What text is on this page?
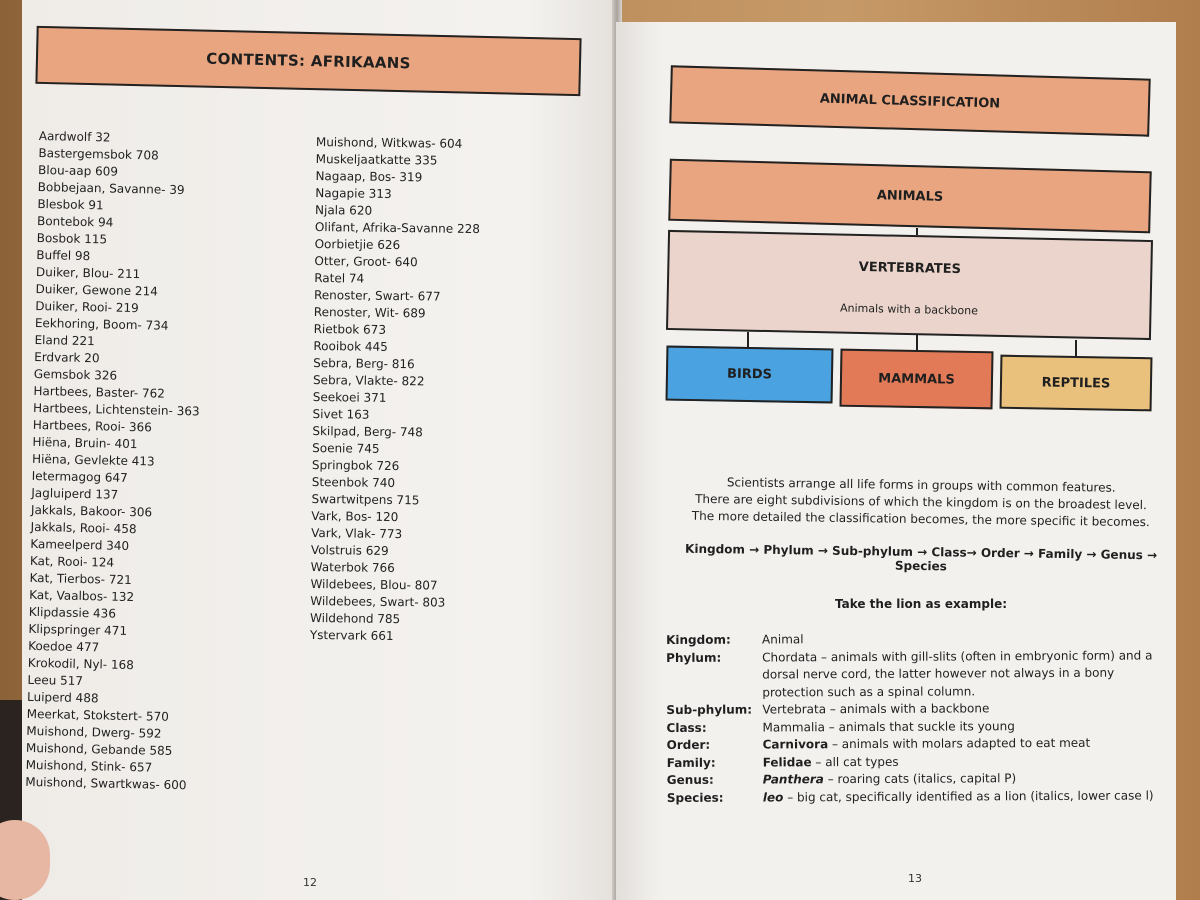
CONTENTS: AFRIKAANS
Aardwolf 32
Bastergemsbok 708
Blou-aap 609
Bobbejaan, Savanne- 39
Blesbok 91
Bontebok 94
Bosbok 115
Buffel 98
Duiker, Blou- 211
Duiker, Gewone 214
Duiker, Rooi- 219
Eekhoring, Boom- 734
Eland 221
Erdvark 20
Gemsbok 326
Hartbees, Baster- 762
Hartbees, Lichtenstein- 363
Hartbees, Rooi- 366
Hiëna, Bruin- 401
Hiëna, Gevlekte 413
Ietermagog 647
Jagluiperd 137
Jakkals, Bakoor- 306
Jakkals, Rooi- 458
Kameelperd 340
Kat, Rooi- 124
Kat, Tierbos- 721
Kat, Vaalbos- 132
Klipdassie 436
Klipspringer 471
Koedoe 477
Krokodil, Nyl- 168
Leeu 517
Luiperd 488
Meerkat, Stokstert- 570
Muishond, Dwerg- 592
Muishond, Gebande 585
Muishond, Stink- 657
Muishond, Swartkwas- 600
Muishond, Witkwas- 604
Muskeljaatkatte 335
Nagaap, Bos- 319
Nagapie 313
Njala 620
Olifant, Afrika-Savanne 228
Oorbietjie 626
Otter, Groot- 640
Ratel 74
Renoster, Swart- 677
Renoster, Wit- 689
Rietbok 673
Rooibok 445
Sebra, Berg- 816
Sebra, Vlakte- 822
Seekoei 371
Sivet 163
Skilpad, Berg- 748
Soenie 745
Springbok 726
Steenbok 740
Swartwitpens 715
Vark, Bos- 120
Vark, Vlak- 773
Volstruis 629
Waterbok 766
Wildebees, Blou- 807
Wildebees, Swart- 803
Wildehond 785
Ystervark 661
12
ANIMAL CLASSIFICATION
ANIMALS
VERTEBRATES
Animals with a backbone
BIRDS	MAMMALS	REPTILES
Scientists arrange all life forms in groups with common features.
There are eight subdivisions of which the kingdom is on the broadest level.
The more detailed the classification becomes, the more specific it becomes.
Kingdom → Phylum → Sub-phylum → Class→ Order → Family → Genus → Species
Take the lion as example:
Kingdom:	Animal
Phylum:	Chordata – animals with gill-slits (often in embryonic form) and a dorsal nerve cord, the latter however not always in a bony protection such as a spinal column.
Sub-phylum: Vertebrata – animals with a backbone
Class:	Mammalia – animals that suckle its young
Order:	Carnivora – animals with molars adapted to eat meat
Family:	Felidae – all cat types
Genus:	Panthera – roaring cats (italics, capital P)
Species:	leo – big cat, specifically identified as a lion (italics, lower case l)
13
